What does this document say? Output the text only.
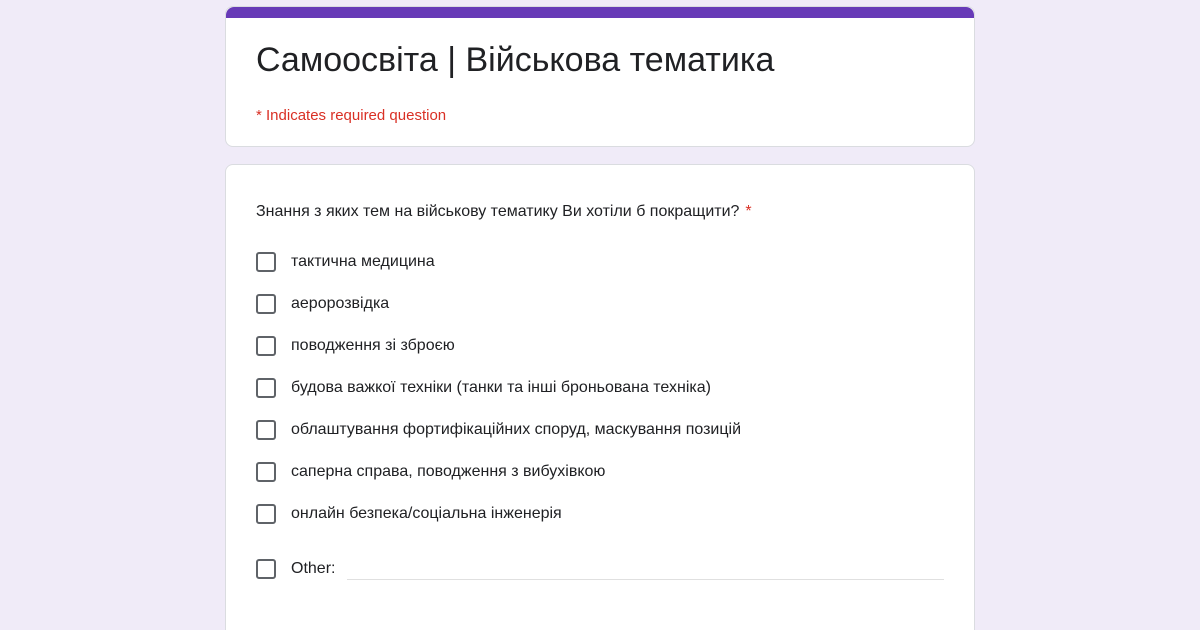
Самоосвіта | Військова тематика
* Indicates required question
Знання з яких тем на військову тематику Ви хотіли б покращити? *
тактична медицина
аеророзвідка
поводження зі зброєю
будова важкої техніки (танки та інші броньована техніка)
облаштування фортифікаційних споруд, маскування позицій
саперна справа, поводження з вибухівкою
онлайн безпека/соціальна інженерія
Other:
